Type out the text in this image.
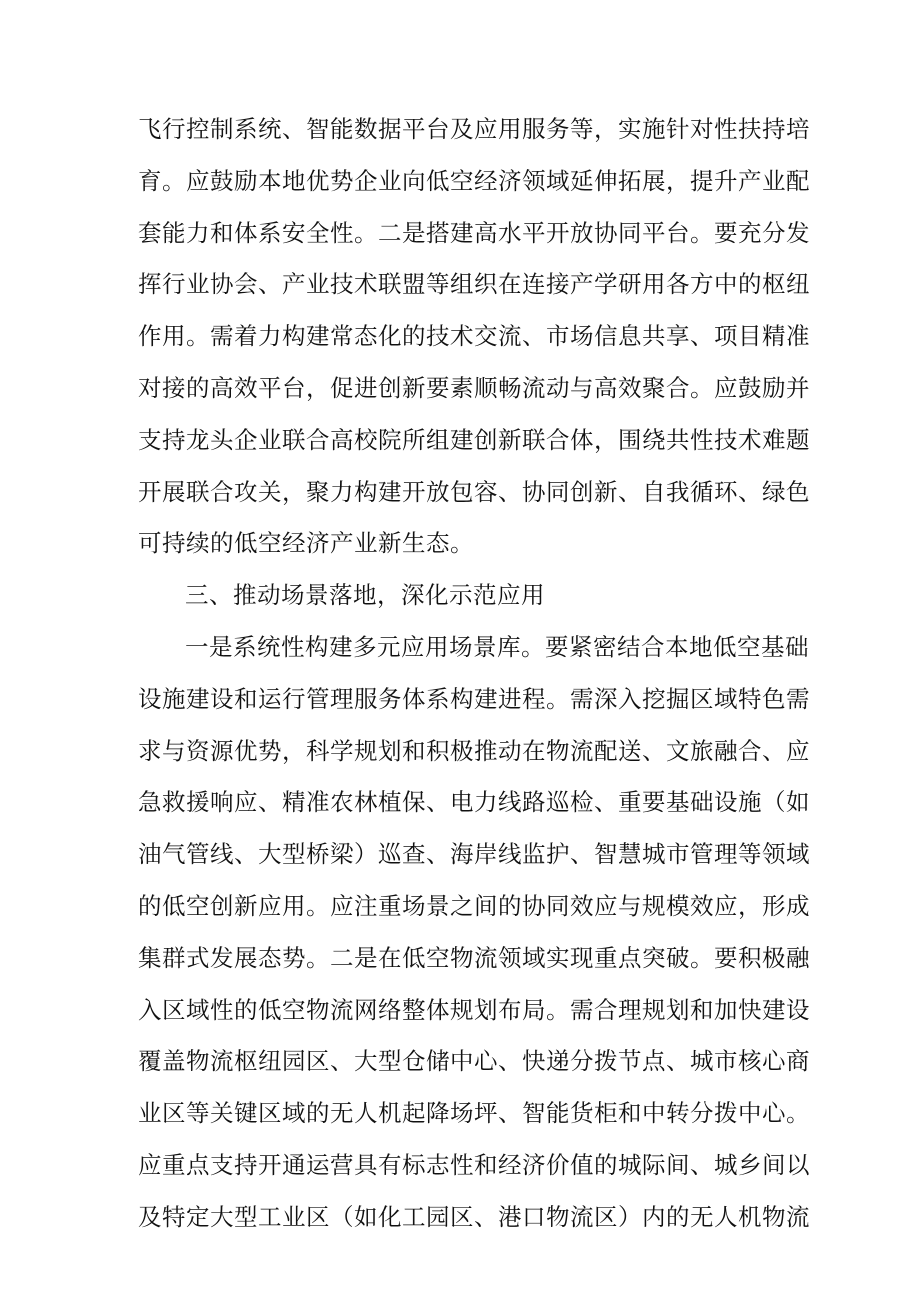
飞行控制系统、智能数据平台及应用服务等，实施针对性扶持培
育。应鼓励本地优势企业向低空经济领域延伸拓展，提升产业配
套能力和体系安全性。二是搭建高水平开放协同平台。要充分发
挥行业协会、产业技术联盟等组织在连接产学研用各方中的枢纽
作用。需着力构建常态化的技术交流、市场信息共享、项目精准
对接的高效平台，促进创新要素顺畅流动与高效聚合。应鼓励并
支持龙头企业联合高校院所组建创新联合体，围绕共性技术难题
开展联合攻关，聚力构建开放包容、协同创新、自我循环、绿色
可持续的低空经济产业新生态。
三、推动场景落地，深化示范应用
一是系统性构建多元应用场景库。要紧密结合本地低空基础
设施建设和运行管理服务体系构建进程。需深入挖掘区域特色需
求与资源优势，科学规划和积极推动在物流配送、文旅融合、应
急救援响应、精准农林植保、电力线路巡检、重要基础设施（如
油气管线、大型桥梁）巡查、海岸线监护、智慧城市管理等领域
的低空创新应用。应注重场景之间的协同效应与规模效应，形成
集群式发展态势。二是在低空物流领域实现重点突破。要积极融
入区域性的低空物流网络整体规划布局。需合理规划和加快建设
覆盖物流枢纽园区、大型仓储中心、快递分拨节点、城市核心商
业区等关键区域的无人机起降场坪、智能货柜和中转分拨中心。
应重点支持开通运营具有标志性和经济价值的城际间、城乡间以
及特定大型工业区（如化工园区、港口物流区）内的无人机物流
